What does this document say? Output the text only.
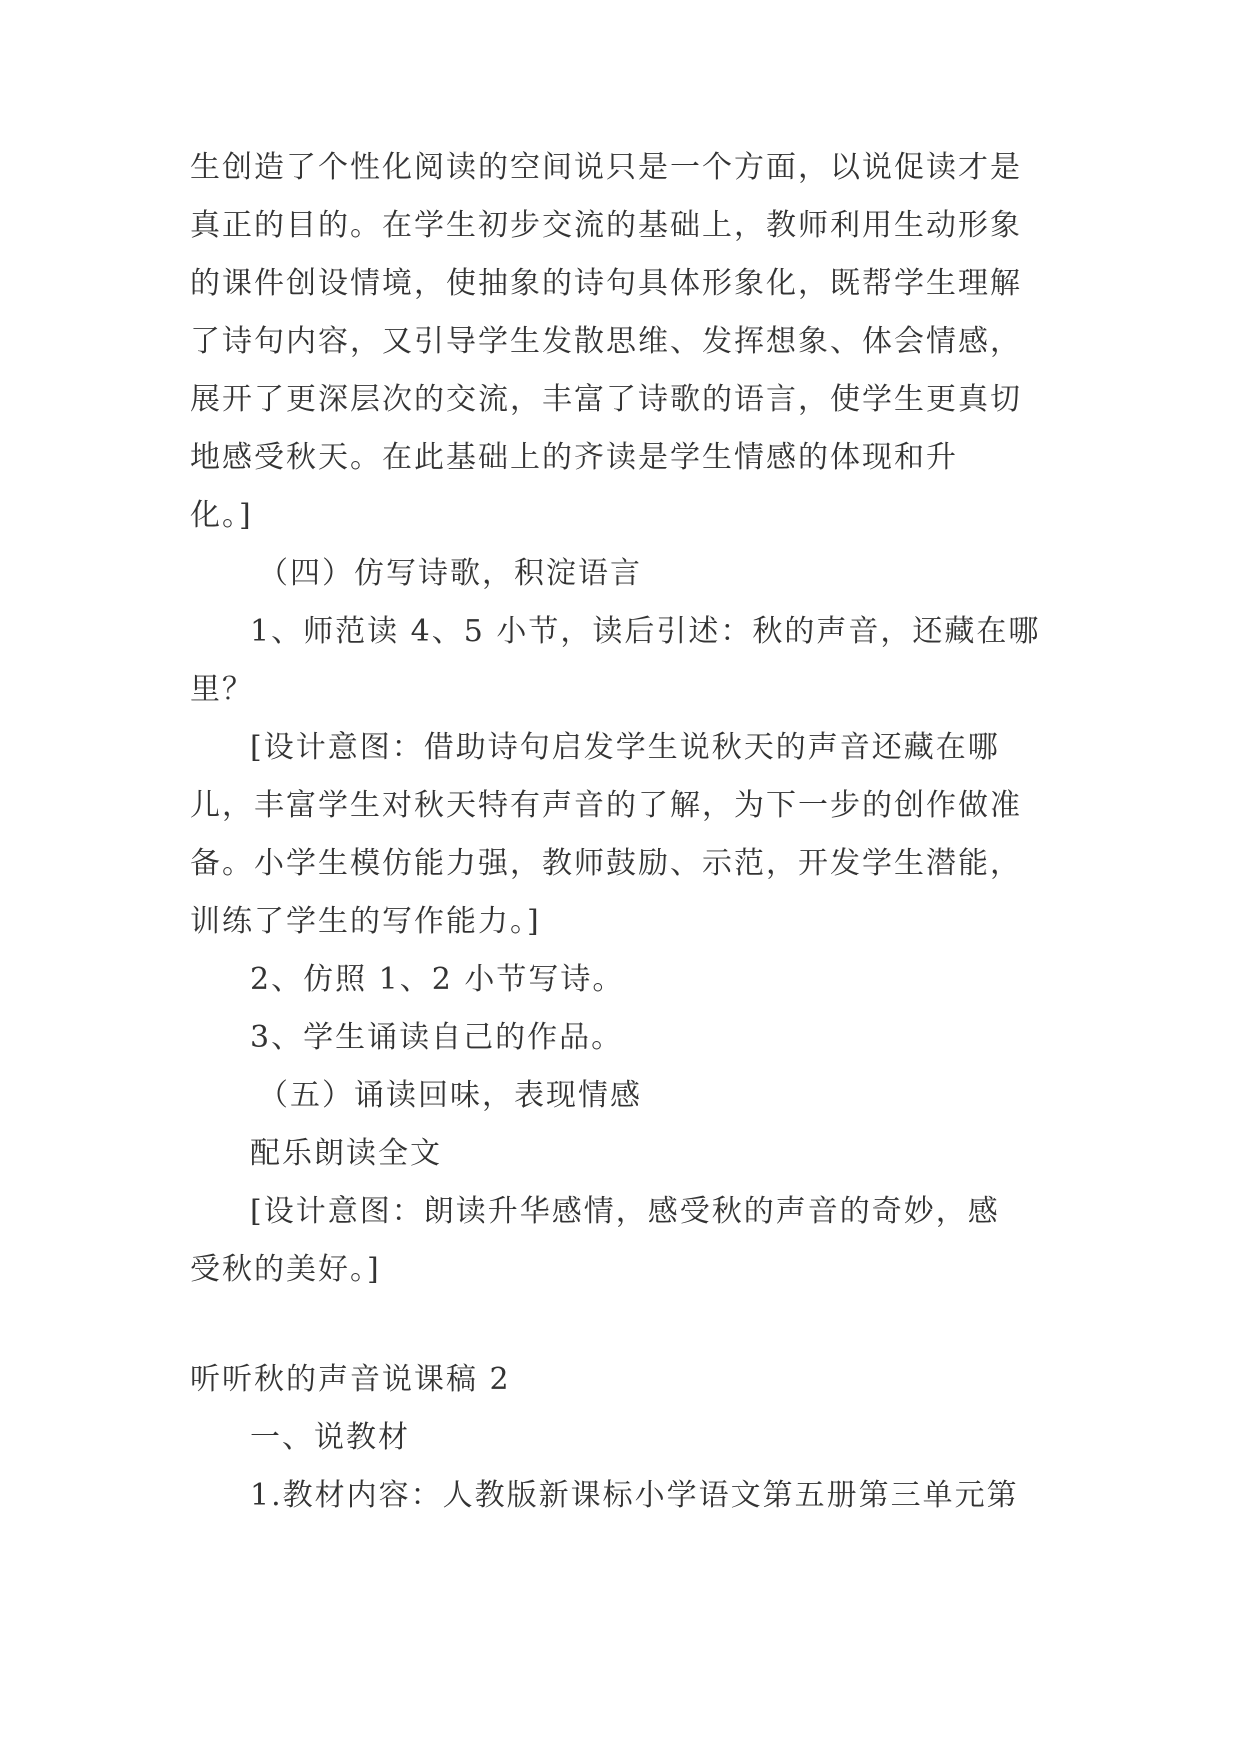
生创造了个性化阅读的空间说只是一个方面，以说促读才是
真正的目的。在学生初步交流的基础上，教师利用生动形象
的课件创设情境，使抽象的诗句具体形象化，既帮学生理解
了诗句内容，又引导学生发散思维、发挥想象、体会情感，
展开了更深层次的交流，丰富了诗歌的语言，使学生更真切
地感受秋天。在此基础上的齐读是学生情感的体现和升
化。]
（四）仿写诗歌，积淀语言
1、师范读 4、5 小节，读后引述：秋的声音，还藏在哪
里？
[设计意图：借助诗句启发学生说秋天的声音还藏在哪
儿，丰富学生对秋天特有声音的了解，为下一步的创作做准
备。小学生模仿能力强，教师鼓励、示范，开发学生潜能，
训练了学生的写作能力。]
2、仿照 1、2 小节写诗。
3、学生诵读自己的作品。
（五）诵读回味，表现情感
配乐朗读全文
[设计意图：朗读升华感情，感受秋的声音的奇妙，感
受秋的美好。]
听听秋的声音说课稿 2
一、说教材
1.教材内容：人教版新课标小学语文第五册第三单元第
